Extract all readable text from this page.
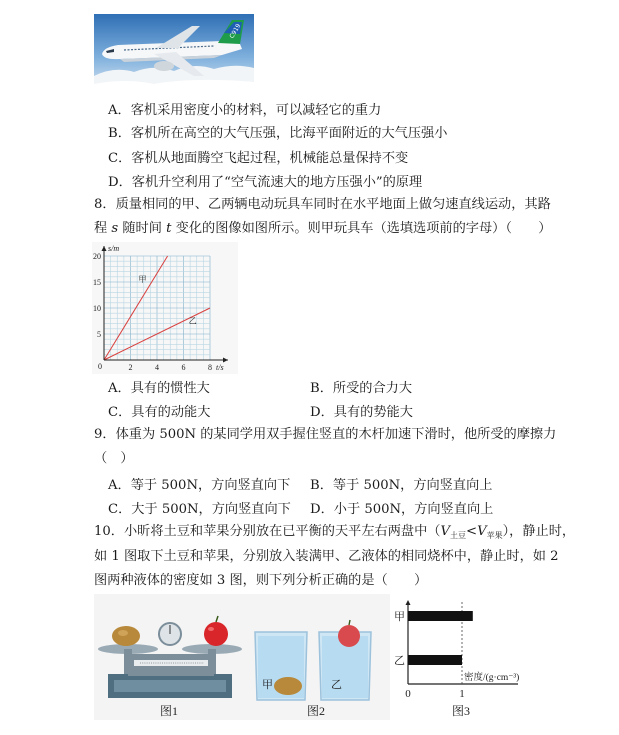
C919
A．客机采用密度小的材料，可以减轻它的重力
B．客机所在高空的大气压强，比海平面附近的大气压强小
C．客机从地面腾空飞起过程，机械能总量保持不变
D．客机升空利用了“空气流速大的地方压强小”的原理
8．质量相同的甲、乙两辆电动玩具车同时在水平地面上做匀速直线运动，其路
程 s 随时间 t 变化的图像如图所示。则甲玩具车（选填选项前的字母）（　　）
0	2	4	6	8
5
10
15
20
s/m
t/s
甲
乙
A．具有的惯性大	B．所受的合力大
C．具有的动能大	D．具有的势能大
9．体重为 500N 的某同学用双手握住竖直的木杆加速下滑时，他所受的摩擦力
（　）
A．等于 500N，方向竖直向下 B．等于 500N，方向竖直向上
C．大于 500N，方向竖直向下 D．小于 500N，方向竖直向上
10．小昕将土豆和苹果分别放在已平衡的天平左右两盘中$(V_{土豆}<V_{苹果})$，静止时，
如 1 图取下土豆和苹果，分别放入装满甲、乙液体的相同烧杯中，静止时，如 2
图两种液体的密度如 3 图，则下列分析正确的是（　　）
图1
甲	乙
图2
甲
乙
0	1
密度/(g·cm⁻³)
图3
